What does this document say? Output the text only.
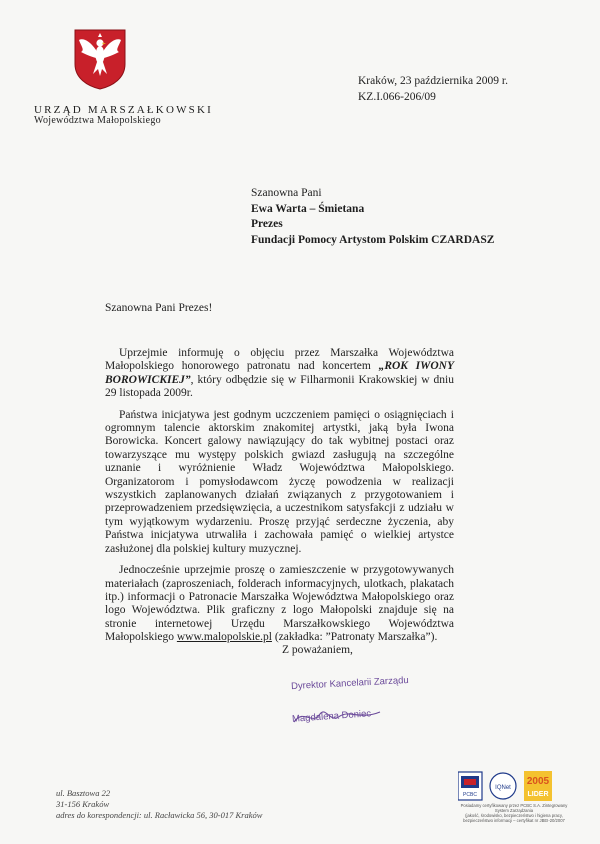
URZĄD MARSZAŁKOWSKI
Województwa Małopolskiego
Kraków, 23 października 2009 r.
KZ.I.066-206/09
Szanowna Pani
Ewa Warta – Śmietana
Prezes
Fundacji Pomocy Artystom Polskim CZARDASZ
Szanowna Pani Prezes!

Uprzejmie informuję o objęciu przez Marszałka Województwa Małopolskiego honorowego patronatu nad koncertem „ROK IWONY BOROWICKIEJ”, który odbędzie się w Filharmonii Krakowskiej w dniu 29 listopada 2009r.

Państwa inicjatywa jest godnym uczczeniem pamięci o osiągnięciach i ogromnym talencie aktorskim znakomitej artystki, jaką była Iwona Borowicka. Koncert galowy nawiązujący do tak wybitnej postaci oraz towarzyszące mu występy polskich gwiazd zasługują na szczególne uznanie i wyróżnienie Władz Województwa Małopolskiego. Organizatorom i pomysłodawcom życzę powodzenia w realizacji wszystkich zaplanowanych działań związanych z przygotowaniem i przeprowadzeniem przedsięwzięcia, a uczestnikom satysfakcji z udziału w tym wyjątkowym wydarzeniu. Proszę przyjąć serdeczne życzenia, aby Państwa inicjatywa utrwaliła i zachowała pamięć o wielkiej artystce zasłużonej dla polskiej kultury muzycznej.

Jednocześnie uprzejmie proszę o zamieszczenie w przygotowywanych materiałach (zaproszeniach, folderach informacyjnych, ulotkach, plakatach itp.) informacji o Patronacie Marszałka Województwa Małopolskiego oraz logo Województwa. Plik graficzny z logo Małopolski znajduje się na stronie internetowej Urzędu Marszałkowskiego Województwa Małopolskiego www.malopolskie.pl (zakładka: ”Patronaty Marszałka”).

Z poważaniem,
Dyrektor Kancelarii Zarządu
Magdalena Doniec
ul. Basztowa 22
31-156 Kraków
adres do korespondencji: ul. Racławicka 56, 30-017 Kraków
PCBC
IQNet
2005
LIDER
Posiadamy certyfikowany przez PCBC S.A. Zintegrowany System Zarządzania
(jakość, środowisko, bezpieczeństwo i higiena pracy, bezpieczeństwo informacji – certyfikat nr JBEI-20/2007
